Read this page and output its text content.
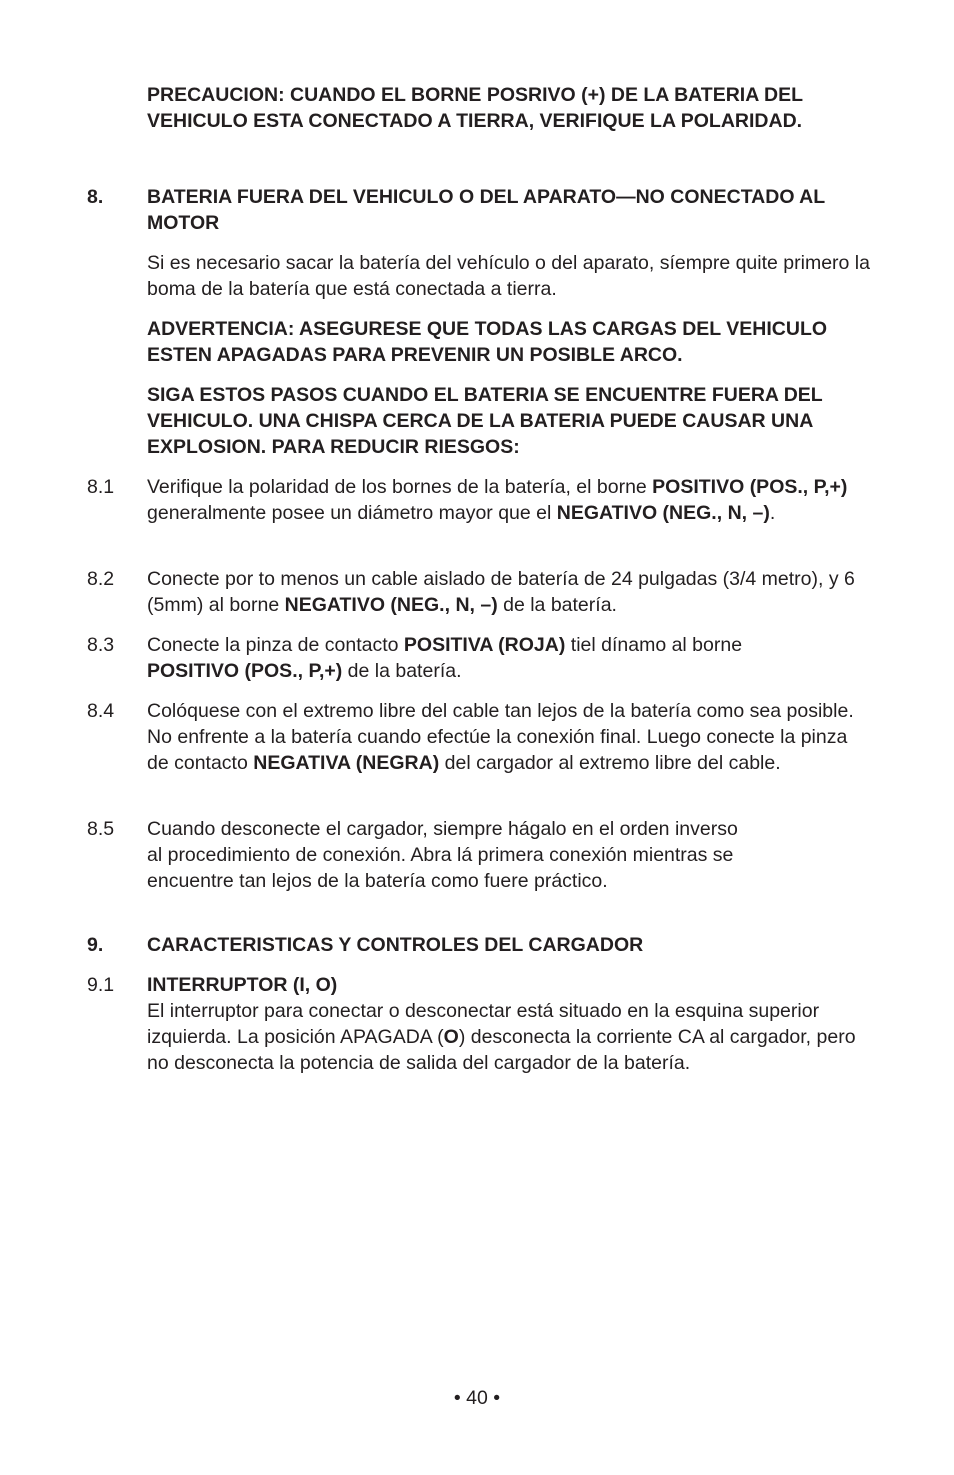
PRECAUCION: CUANDO EL BORNE POSRIVO (+) DE LA BATERIA DEL VEHICULO ESTA CONECTADO A TIERRA, VERIFIQUE LA POLARIDAD.

8. BATERIA FUERA DEL VEHICULO O DEL APARATO—NO CONECTADO AL MOTOR

Si es necesario sacar la batería del vehículo o del aparato, síempre quite primero la boma de la batería que está conectada a tierra.

ADVERTENCIA: ASEGURESE QUE TODAS LAS CARGAS DEL VEHICULO ESTEN APAGADAS PARA PREVENIR UN POSIBLE ARCO.

SIGA ESTOS PASOS CUANDO EL BATERIA SE ENCUENTRE FUERA DEL VEHICULO. UNA CHISPA CERCA DE LA BATERIA PUEDE CAUSAR UNA EXPLOSION. PARA REDUCIR RIESGOS:

8.1 Verifique la polaridad de los bornes de la batería, el borne POSITIVO (POS., P,+) generalmente posee un diámetro mayor que el NEGATIVO (NEG., N, –).

8.2 Conecte por to menos un cable aislado de batería de 24 pulgadas (3/4 metro), y 6 (5mm) al borne NEGATIVO (NEG., N, –) de la batería.

8.3 Conecte la pinza de contacto POSITIVA (ROJA) tiel dínamo al borne
POSITIVO (POS., P,+) de la batería.

8.4 Colóquese con el extremo libre del cable tan lejos de la batería como sea posible. No enfrente a la batería cuando efectúe la conexión final. Luego conecte la pinza de contacto NEGATIVA (NEGRA) del cargador al extremo libre del cable.

8.5 Cuando desconecte el cargador, siempre hágalo en el orden inverso
al procedimiento de conexión. Abra lá primera conexión mientras se
encuentre tan lejos de la batería como fuere práctico.

9. CARACTERISTICAS Y CONTROLES DEL CARGADOR

9.1 INTERRUPTOR (I, O)
El interruptor para conectar o desconectar está situado en la esquina superior izquierda. La posición APAGADA (O) desconecta la corriente CA al cargador, pero no desconecta la potencia de salida del cargador de la batería.

• 40 •
